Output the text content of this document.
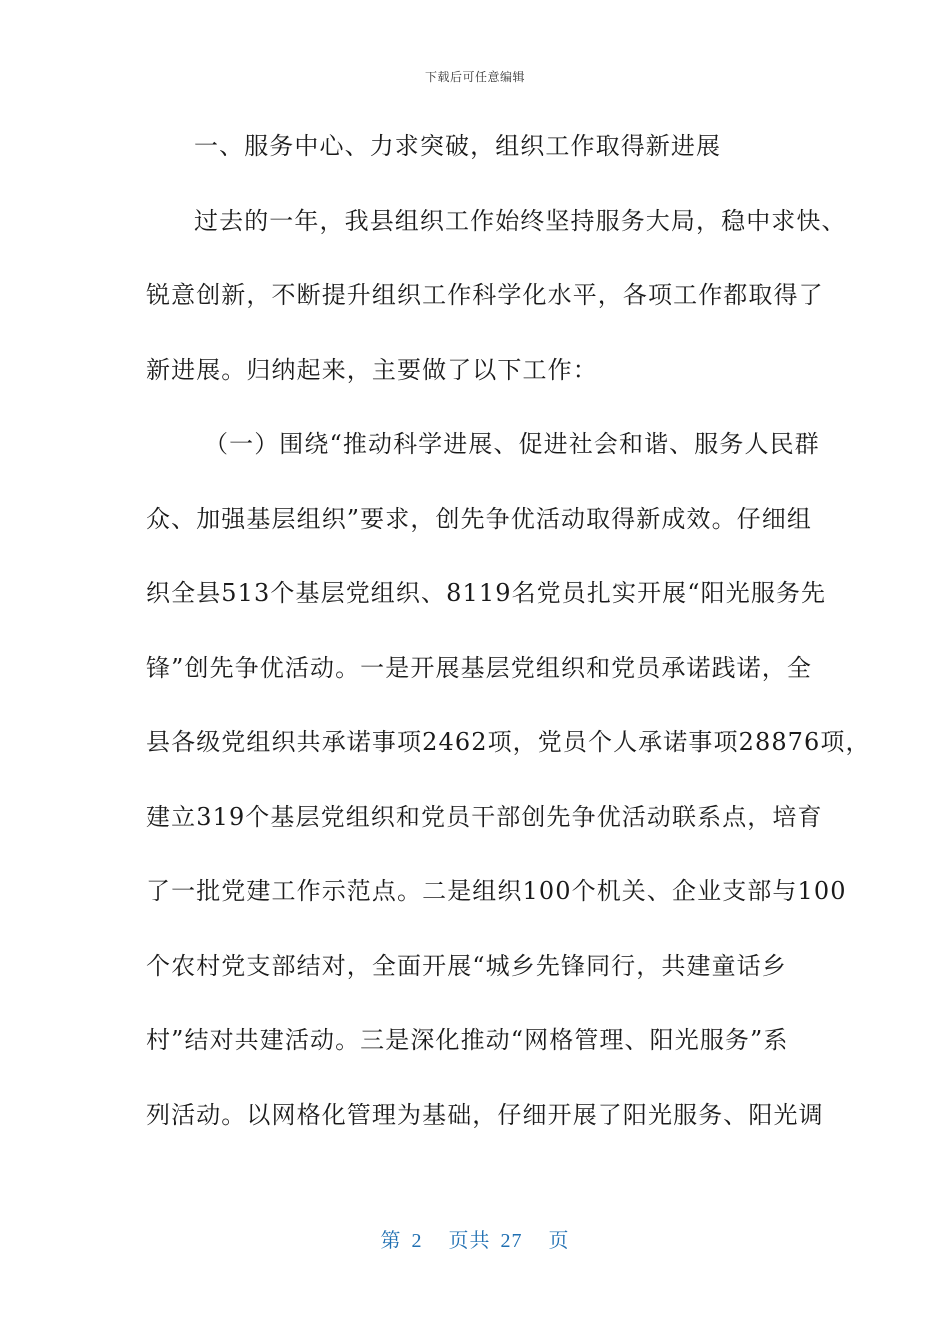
下载后可任意编辑
一、服务中心、力求突破，组织工作取得新进展
过去的一年，我县组织工作始终坚持服务大局，稳中求快、
锐意创新，不断提升组织工作科学化水平，各项工作都取得了
新进展。归纳起来，主要做了以下工作：
（一）围绕“推动科学进展、促进社会和谐、服务人民群
众、加强基层组织”要求，创先争优活动取得新成效。仔细组
织全县513个基层党组织、8119名党员扎实开展“阳光服务先
锋”创先争优活动。一是开展基层党组织和党员承诺践诺，全
县各级党组织共承诺事项2462项，党员个人承诺事项28876项，
建立319个基层党组织和党员干部创先争优活动联系点，培育
了一批党建工作示范点。二是组织100个机关、企业支部与100
个农村党支部结对，全面开展“城乡先锋同行，共建童话乡
村”结对共建活动。三是深化推动“网格管理、阳光服务”系
列活动。以网格化管理为基础，仔细开展了阳光服务、阳光调
第 2 页共 27 页
